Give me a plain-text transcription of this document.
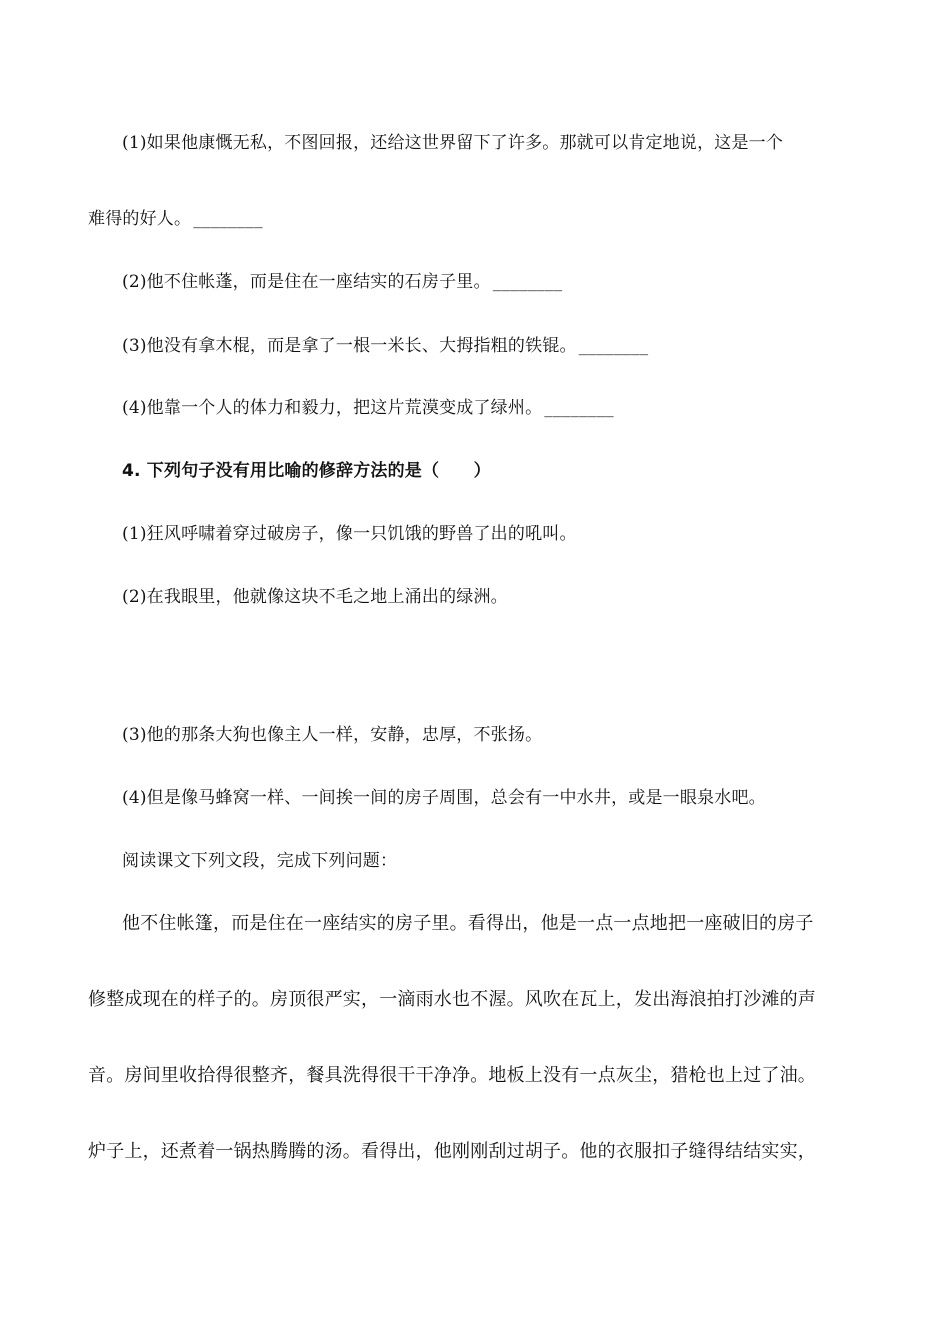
(1)如果他康慨无私，不图回报，还给这世界留下了许多。那就可以肯定地说，这是一个
难得的好人。 ________
(2)他不住帐蓬，而是住在一座结实的石房子里。 ________
(3)他没有拿木棍，而是拿了一根一米长、大拇指粗的铁锟。 ________
(4)他靠一个人的体力和毅力，把这片荒漠变成了绿州。 ________
4. 下列句子没有用比喻的修辞方法的是（　　）
(1)狂风呼啸着穿过破房子，像一只饥饿的野兽了出的吼叫。
(2)在我眼里，他就像这块不毛之地上涌出的绿洲。
(3)他的那条大狗也像主人一样，安静，忠厚，不张扬。
(4)但是像马蜂窝一样、一间挨一间的房子周围，总会有一中水井，或是一眼泉水吧。
阅读课文下列文段，完成下列问题：
他不住帐篷，而是住在一座结实的房子里。看得出，他是一点一点地把一座破旧的房子
修整成现在的样子的。房顶很严实，一滴雨水也不渥。风吹在瓦上，发出海浪拍打沙滩的声
音。房间里收拾得很整齐，餐具洗得很干干净净。地板上没有一点灰尘，猎枪也上过了油。
炉子上，还煮着一锅热腾腾的汤。看得出，他刚刚刮过胡子。他的衣服扣子缝得结结实实，
